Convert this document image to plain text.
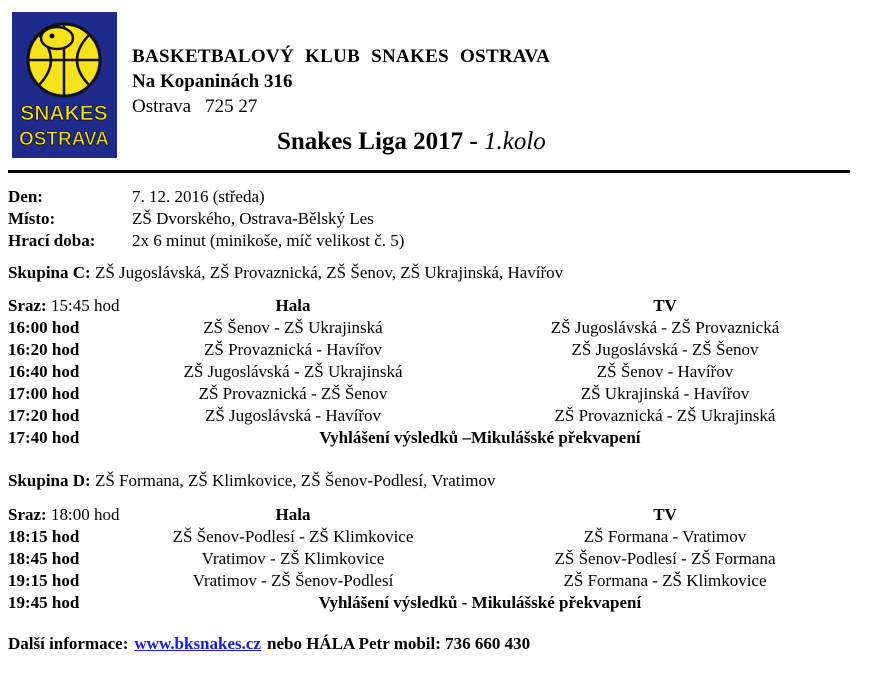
SNAKES
OSTRAVA
BASKETBALOVÝ KLUB SNAKES OSTRAVA
Na Kopaninách 316
Ostrava 725 27
Snakes Liga 2017 - 1.kolo
Den:	7. 12. 2016 (středa)
Místo:	ZŠ Dvorského, Ostrava-Bělský Les
Hrací doba: 2x 6 minut (minikoše, míč velikost č. 5)
Skupina C: ZŠ Jugoslávská, ZŠ Provaznická, ZŠ Šenov, ZŠ Ukrajinská, Havířov
Sraz: 15:45 hod	Hala	TV
16:00 hod	ZŠ Šenov - ZŠ Ukrajinská	ZŠ Jugoslávská - ZŠ Provaznická
16:20 hod	ZŠ Provaznická - Havířov	ZŠ Jugoslávská - ZŠ Šenov
16:40 hod	ZŠ Jugoslávská - ZŠ Ukrajinská	ZŠ Šenov - Havířov
17:00 hod	ZŠ Provaznická - ZŠ Šenov	ZŠ Ukrajinská - Havířov
17:20 hod	ZŠ Jugoslávská - Havířov	ZŠ Provaznická - ZŠ Ukrajinská
17:40 hod	Vyhlášení výsledků –Mikulášské překvapení
Skupina D: ZŠ Formana, ZŠ Klimkovice, ZŠ Šenov-Podlesí, Vratimov
Sraz: 18:00 hod	Hala	TV
18:15 hod	ZŠ Šenov-Podlesí - ZŠ Klimkovice	ZŠ Formana - Vratimov
18:45 hod	Vratimov - ZŠ Klimkovice	ZŠ Šenov-Podlesí - ZŠ Formana
19:15 hod	Vratimov - ZŠ Šenov-Podlesí	ZŠ Formana - ZŠ Klimkovice
19:45 hod	Vyhlášení výsledků - Mikulášské překvapení
Další informace: www.bksnakes.cz nebo HÁLA Petr mobil: 736 660 430
